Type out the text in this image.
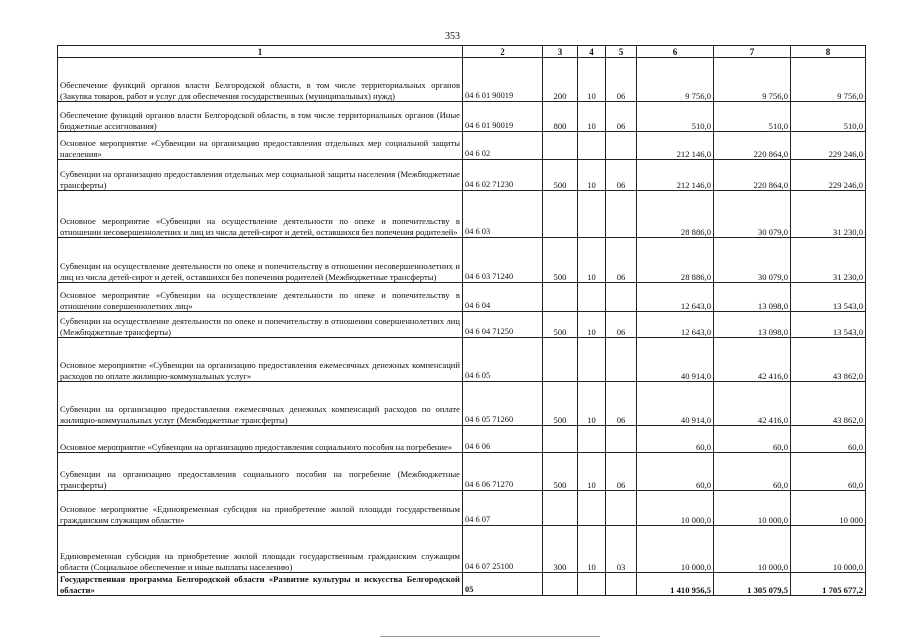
353
1	2	3	4	5	6	7	8
Обеспечение функций органов власти Белгородской области, в том числе территориальных органов (Закупка товаров, работ и услуг для обеспечения государственных (муниципальных) нужд)	04 6 01 90019	200	10	06	9 756,0	9 756,0	9 756,0
Обеспечение функций органов власти Белгородской области, в том числе территориальных органов (Иные бюджетные ассигнования)	04 6 01 90019	800	10	06	510,0	510,0	510,0
Основное мероприятие «Субвенции на организацию предоставления отдельных мер социальной защиты населения»	04 6 02				212 146,0	220 864,0	229 246,0
Субвенции на организацию предоставления отдельных мер социальной защиты населения (Межбюджетные трансферты)	04 6 02 71230	500	10	06	212 146,0	220 864,0	229 246,0
Основное мероприятие «Субвенции на осуществление деятельности по опеке и попечительству в отношении несовершеннолетних и лиц из числа детей-сирот и детей, оставшихся без попечения родителей»	04 6 03				28 886,0	30 079,0	31 230,0
Субвенции на осуществление деятельности по опеке и попечительству в отношении несовершеннолетних и лиц из числа детей-сирот и детей, оставшихся без попечения родителей (Межбюджетные трансферты)	04 6 03 71240	500	10	06	28 886,0	30 079,0	31 230,0
Основное мероприятие «Субвенции на осуществление деятельности по опеке и попечительству в отношении совершеннолетних лиц»	04 6 04				12 643,0	13 098,0	13 543,0
Субвенции на осуществление деятельности по опеке и попечительству в отношении совершеннолетних лиц (Межбюджетные трансферты)	04 6 04 71250	500	10	06	12 643,0	13 098,0	13 543,0
Основное мероприятие «Субвенции на организацию предоставления ежемесячных денежных компенсаций расходов по оплате жилищно-коммунальных услуг»	04 6 05				40 914,0	42 416,0	43 862,0
Субвенции на организацию предоставления ежемесячных денежных компенсаций расходов по оплате жилищно-коммунальных услуг (Межбюджетные трансферты)	04 6 05 71260	500	10	06	40 914,0	42 416,0	43 862,0
Основное мероприятие «Субвенции на организацию предоставления социального пособия на погребение»	04 6 06				60,0	60,0	60,0
Субвенции на организацию предоставления социального пособия на погребение (Межбюджетные трансферты)	04 6 06 71270	500	10	06	60,0	60,0	60,0
Основное мероприятие «Единовременная субсидия на приобретение жилой площади государственным гражданским служащим области»	04 6 07				10 000,0	10 000,0	10 000
Единовременная субсидия на приобретение жилой площади государственным гражданским служащим области (Социальное обеспечение и иные выплаты населению)	04 6 07 25100	300	10	03	10 000,0	10 000,0	10 000,0
Государственная программа Белгородской области «Развитие культуры и искусства Белгородской области»	05				1 410 956,5	1 305 079,5	1 705 677,2
